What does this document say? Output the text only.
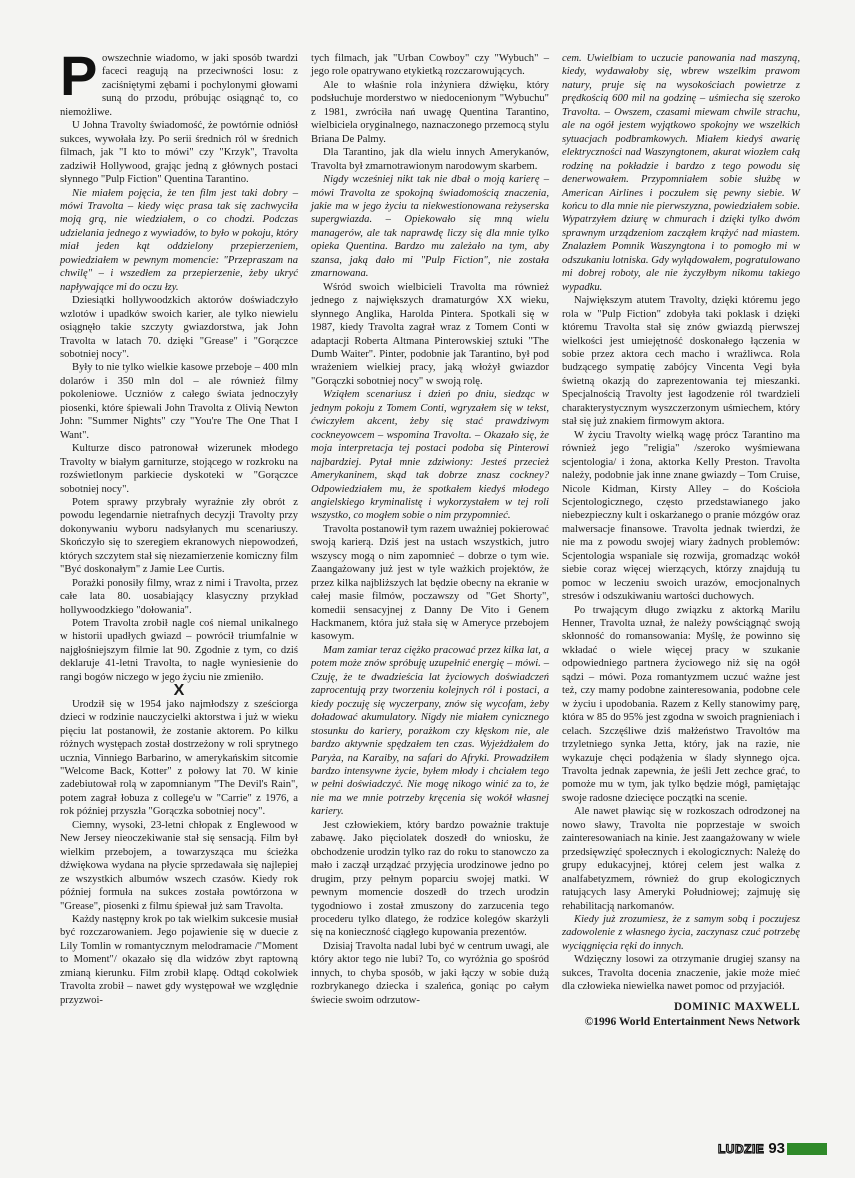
Powszechnie wiadomo, w jaki sposób twardzi faceci reagują na przeciwności losu: z zaciśniętymi zębami i pochylonymi głowami suną do przodu, próbując osiągnąć to, co niemożliwe.

U Johna Travolty świadomość, że powtórnie odniósł sukces, wywołała łzy. Po serii średnich ról w średnich filmach, jak "I kto to mówi" czy "Krzyk", Travolta zadziwił Hollywood, grając jedną z głównych postaci słynnego "Pulp Fiction" Quentina Tarantino.

Nie miałem pojęcia, że ten film jest taki dobry – mówi Travolta – kiedy więc prasa tak się zachwyciła moją grą, nie wiedziałem, o co chodzi. Podczas udzielania jednego z wywiadów, to było w pokoju, który miał jeden kąt oddzielony przepierzeniem, powiedziałem w pewnym momencie: "Przepraszam na chwilę" – i wszedłem za przepierzenie, żeby ukryć napływające mi do oczu łzy.

Dziesiątki hollywoodzkich aktorów doświadczyło wzlotów i upadków swoich karier, ale tylko niewielu osiągnęło takie szczyty gwiazdorstwa, jak John Travolta w latach 70. dzięki "Grease" i "Gorączce sobotniej nocy".

Były to nie tylko wielkie kasowe przeboje – 400 mln dolarów i 350 mln dol – ale również filmy pokoleniowe. Uczniów z całego świata jednoczyły piosenki, które śpiewali John Travolta z Olivią Newton John: "Summer Nights" czy "You're The One That I Want".

Kulturze disco patronował wizerunek młodego Travolty w białym garniturze, stojącego w rozkroku na rozświetlonym parkiecie dyskoteki w "Gorączce sobotniej nocy".

Potem sprawy przybrały wyraźnie zły obrót z powodu legendarnie nietrafnych decyzji Travolty przy dokonywaniu wyboru nadsyłanych mu scenariuszy. Skończyło się to szeregiem ekranowych niepowodzeń, których szczytem stał się niezamierzenie komiczny film "Być doskonałym" z Jamie Lee Curtis.

Porażki ponosiły filmy, wraz z nimi i Travolta, przez całe lata 80. uosabiający klasyczny przykład hollywoodzkiego "dołowania".

Potem Travolta zrobił nagle coś niemal unikalnego w historii upadłych gwiazd – powrócił triumfalnie w najgłośniejszym filmie lat 90. Zgodnie z tym, co dziś deklaruje 41-letni Travolta, to nagłe wyniesienie do rangi bogów niczego w jego życiu nie zmieniło.

X

Urodził się w 1954 jako najmłodszy z sześciorga dzieci w rodzinie nauczycielki aktorstwa i już w wieku pięciu lat postanowił, że zostanie aktorem. Po kilku różnych występach został dostrzeżony w roli sprytnego ucznia, Vinniego Barbarino, w amerykańskim sitcomie "Welcome Back, Kotter" z połowy lat 70. W kinie zadebiutował rolą w zapomnianym "The Devil's Rain", potem zagrał łobuza z college'u w "Carrie" z 1976, a rok później przyszła "Gorączka sobotniej nocy".

Ciemny, wysoki, 23-letni chłopak z Englewood w New Jersey nieoczekiwanie stał się sensacją. Film był wielkim przebojem, a towarzysząca mu ścieżka dźwiękowa wydana na płycie sprzedawała się najlepiej ze wszystkich albumów wszech czasów. Kiedy rok później formuła na sukces została powtórzona w "Grease", piosenki z filmu śpiewał już sam Travolta.

Każdy następny krok po tak wielkim sukcesie musiał być rozczarowaniem. Jego pojawienie się w duecie z Lily Tomlin w romantycznym melodramacie /"Moment to Moment"/ okazało się dla widzów zbyt raptowną zmianą kierunku. Film zrobił klapę. Odtąd cokolwiek Travolta zrobił – nawet gdy występował we względnie przyzwoi-

tych filmach, jak "Urban Cowboy" czy "Wybuch" – jego role opatrywano etykietką rozczarowujących.

Ale to właśnie rola inżyniera dźwięku, który podsłuchuje morderstwo w niedocenionym "Wybuchu" z 1981, zwróciła nań uwagę Quentina Tarantino, wielbiciela oryginalnego, naznaczonego przemocą stylu Briana De Palmy.

Dla Tarantino, jak dla wielu innych Amerykanów, Travolta był zmarnotrawionym narodowym skarbem.

Nigdy wcześniej nikt tak nie dbał o moją karierę – mówi Travolta ze spokojną świadomością znaczenia, jakie ma w jego życiu ta niekwestionowana reżyserska supergwiazda. – Opiekowało się mną wielu managerów, ale tak naprawdę liczy się dla mnie tylko opieka Quentina. Bardzo mu zależało na tym, aby szansa, jaką dało mi "Pulp Fiction", nie została zmarnowana.

Wśród swoich wielbicieli Travolta ma również jednego z największych dramaturgów XX wieku, słynnego Anglika, Harolda Pintera. Spotkali się w 1987, kiedy Travolta zagrał wraz z Tomem Conti w adaptacji Roberta Altmana Pinterowskiej sztuki "The Dumb Waiter". Pinter, podobnie jak Tarantino, był pod wrażeniem wielkiej pracy, jaką włożył gwiazdor "Gorączki sobotniej nocy" w swoją rolę.

Wziąłem scenariusz i dzień po dniu, siedząc w jednym pokoju z Tomem Conti, wgryzałem się w tekst, ćwiczyłem akcent, żeby się stać prawdziwym cockneyowcem – wspomina Travolta. – Okazało się, że moja interpretacja tej postaci podoba się Pinterowi najbardziej. Pytał mnie zdziwiony: Jesteś przecież Amerykaninem, skąd tak dobrze znasz cockney? Odpowiedziałem mu, że spotkałem kiedyś młodego angielskiego kryminalistę i wykorzystałem w tej roli wszystko, co mogłem sobie o nim przypomnieć.

Travolta postanowił tym razem uważniej pokierować swoją karierą. Dziś jest na ustach wszystkich, jutro wszyscy mogą o nim zapomnieć – dobrze o tym wie. Zaangażowany już jest w tyle ważkich projektów, że przez kilka najbliższych lat będzie obecny na ekranie w całej masie filmów, poczawszy od "Get Shorty", komedii sensacyjnej z Danny De Vito i Genem Hackmanem, która już stała się w Ameryce przebojem kasowym.

Mam zamiar teraz ciężko pracować przez kilka lat, a potem może znów spróbuję uzupełnić energię – mówi. – Czuję, że te dwadzieścia lat życiowych doświadczeń zaprocentują przy tworzeniu kolejnych ról i postaci, a kiedy poczuję się wyczerpany, znów się wycofam, żeby doładować akumulatory. Nigdy nie miałem cynicznego stosunku do kariery, porażkom czy kłęskom nie, ale bardzo aktywnie spędzałem ten czas. Wyjeżdżałem do Paryża, na Karaiby, na safari do Afryki. Prowadziłem bardzo intensywne życie, byłem młody i chciałem tego w pełni doświadczyć. Nie mogę nikogo winić za to, że nie ma we mnie potrzeby kręcenia się wokół własnej kariery.

Jest człowiekiem, który bardzo poważnie traktuje zabawę. Jako pięciolatek doszedł do wniosku, że obchodzenie urodzin tylko raz do roku to stanowczo za mało i zaczął urządzać przyjęcia urodzinowe jedno po drugim, przy pełnym poparciu swojej matki. W pewnym momencie doszedł do trzech urodzin tygodniowo i został zmuszony do zarzucenia tego procederu tylko dlatego, że rodzice kolegów skarżyli się na konieczność ciągłego kupowania prezentów.

Dzisiaj Travolta nadal lubi być w centrum uwagi, ale który aktor tego nie lubi? To, co wyróżnia go spośród innych, to chyba sposób, w jaki łączy w sobie dużą rozbrykanego dziecka i szaleńca, goniąc po całym świecie swoim odrzutow-

cem. Uwielbiam to uczucie panowania nad maszyną, kiedy, wydawałoby się, wbrew wszelkim prawom natury, pruje się na wysokościach powietrze z prędkością 600 mil na godzinę – uśmiecha się szeroko Travolta. – Owszem, czasami miewam chwile strachu, ale na ogół jestem wyjątkowo spokojny we wszelkich sytuacjach podbramkowych. Miałem kiedyś awarię elektryczności nad Waszyngtonem, akurat wiozłem całą rodzinę na pokładzie i bardzo z tego powodu się denerwowałem. Przypomniałem sobie służbę w American Airlines i poczułem się pewny siebie. W końcu to dla mnie nie pierwszyzna, powiedziałem sobie. Wypatrzyłem dziurę w chmurach i dzięki tylko dwóm sprawnym urządzeniom zacząłem krążyć nad miastem. Znalazłem Pomnik Waszyngtona i to pomogło mi w odszukaniu lotniska. Gdy wylądowałem, pogratulowano mi dobrej roboty, ale nie życzyłbym nikomu takiego wypadku.

Największym atutem Travolty, dzięki któremu jego rola w "Pulp Fiction" zdobyła taki poklask i dzięki któremu Travolta stał się znów gwiazdą pierwszej wielkości jest umiejętność doskonałego łączenia w sobie przez aktora cech macho i wrażliwca. Rola budzącego sympatię zabójcy Vincenta Vegi była świetną okazją do zaprezentowania tej mieszanki. Specjalnością Travolty jest łagodzenie ról twardzieli charakterystycznym wyszczerzonym uśmiechem, który stał się już znakiem firmowym aktora.

W życiu Travolty wielką wagę prócz Tarantino ma również jego "religia" /szeroko wyśmiewana scjentologia/ i żona, aktorka Kelly Preston. Travolta należy, podobnie jak inne znane gwiazdy – Tom Cruise, Nicole Kidman, Kirsty Alley – do Kościoła Scjentologicznego, często przedstawianego jako niebezpieczny kult i oskarżanego o pranie mózgów oraz malwersacje finansowe. Travolta jednak twierdzi, że nie ma z powodu swojej wiary żadnych problemów: Scjentologia wspaniale się rozwija, gromadząc wokół siebie coraz więcej wierzących, którzy znajdują tu pomoc w leczeniu swoich urazów, emocjonalnych stresów i odszukiwaniu wartości duchowych.

Po trwającym długo związku z aktorką Marilu Henner, Travolta uznał, że należy powściągnąć swoją skłonność do romansowania: Myślę, że powinno się wkładać o wiele więcej pracy w szukanie odpowiedniego partnera życiowego niż się na ogół sądzi – mówi. Poza romantyzmem uczuć ważne jest też, czy mamy podobne zainteresowania, podobne cele w życiu i upodobania. Razem z Kelly stanowimy parę, która w 85 do 95% jest zgodna w swoich pragnieniach i celach. Szczęśliwe dziś małżeństwo Travoltów ma trzyletniego synka Jetta, który, jak na razie, nie wykazuje chęci podążenia w ślady słynnego ojca. Travolta jednak zapewnia, że jeśli Jett zechce grać, to pomoże mu w tym, jak tylko będzie mógł, pamiętając swoje radosne dziecięce początki na scenie.

Ale nawet pławiąc się w rozkoszach odrodzonej na nowo sławy, Travolta nie poprzestaje w swoich zainteresowaniach na kinie. Jest zaangażowany w wiele przedsięwzięć społecznych i ekologicznych: Należę do grupy edukacyjnej, której celem jest walka z analfabetyzmem, również do grup ekologicznych ratujących lasy Ameryki Południowej; zajmuję się rehabilitacją narkomanów.

Kiedy już zrozumiesz, że z samym sobą i poczujesz zadowolenie z własnego życia, zaczynasz czuć potrzebę wyciągnięcia ręki do innych.

Wdzięczny losowi za otrzymanie drugiej szansy na sukces, Travolta docenia znaczenie, jakie może mieć dla człowieka niewielka nawet pomoc od przyjaciół.

DOMINIC MAXWELL
©1996 World Entertainment News Network
LUDZIE 93
